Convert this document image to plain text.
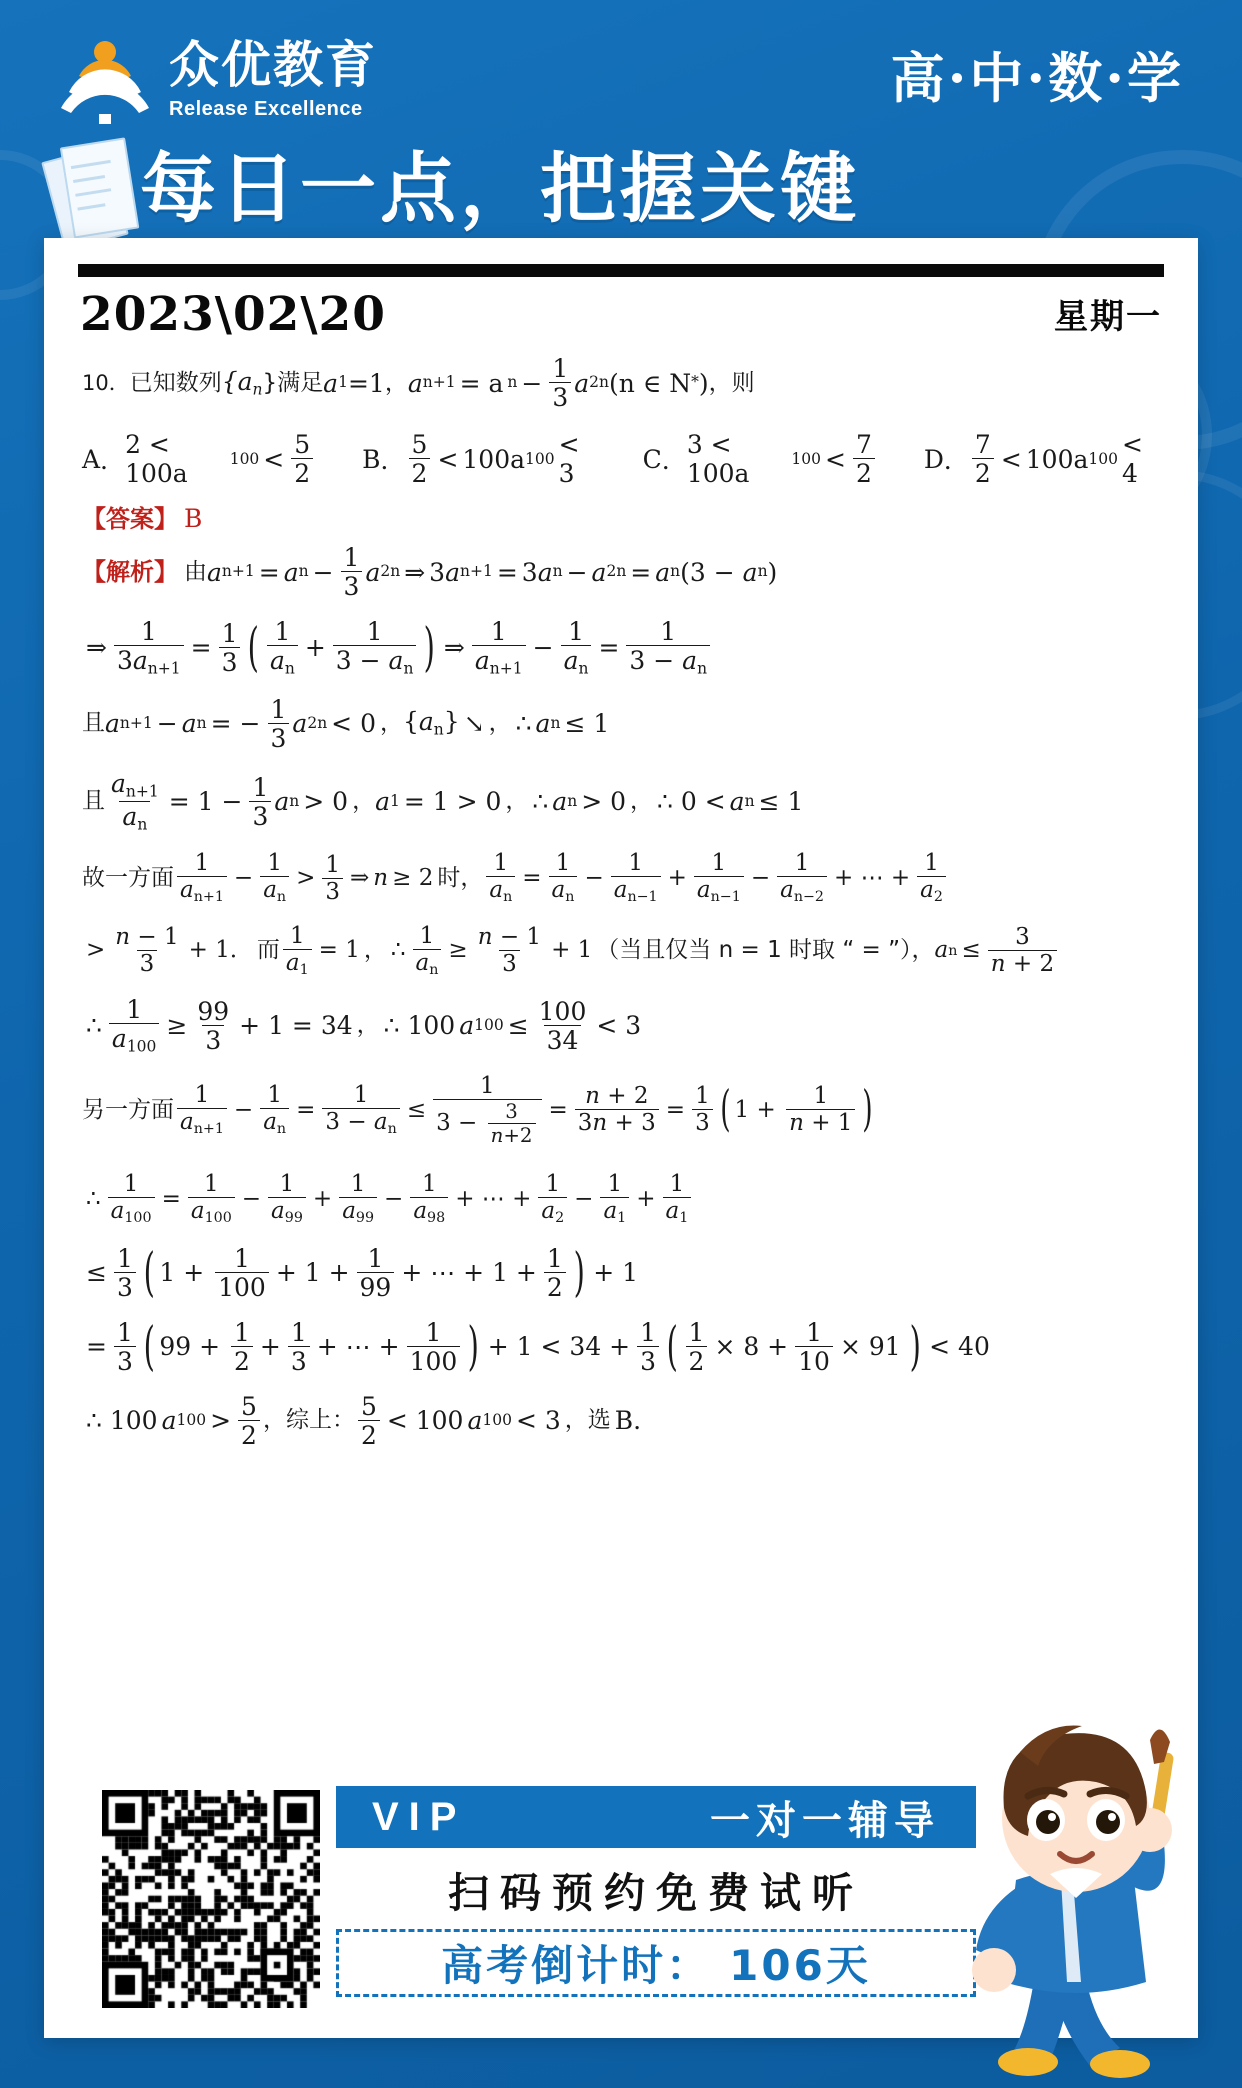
众优教育
Release Excellence	高·中·数·学
每日一点，把握关键
2023\02\20	星期一
10 ． 已知数列 {$a_n$ }满足 a 1 =1 ， a n+1 = a $n - \frac{1}{3}$ a 2 n (n ∈ N * ) ，则
A ．
2 < 100a	$100 < \frac{5}{2}$ B ． $\frac{5}{2} < 100a$ 100 < 3	C ．
3 < 100a	$100 < \frac{7}{2}$ D ． $\frac{7}{2} < 100a$ 100 < 4
【答案】 B
【解析】 由 a n+1 = a $n - \frac{1}{3}$ a 2 n ⇒ 3 a n+1 = 3 a n − a 2 n = a n (3 −
a n )
⇒ $\frac{1}{3a_{n+1}} = \frac{1}{3}$ ( $\frac{1}{a_n} + \frac{1}{3 - a_n}$ ) ⇒ $\frac{1}{a_{n+1}} - \frac{1}{a_n} = \frac{1}{3 - a_n}$
且 a n+1 − a n = − $\frac{1}{3}$ a 2 n < 0 ， $\{a_n\}$ ↘ ， ∴ a n ≤ 1
且 $\frac{a_{n+1}}{a_n} = 1 - \frac{1}{3}$ a n > 0 ， a 1 = 1 > 0 ， ∴ a n > 0 ， ∴ 0 < a n ≤ 1
故一方面 $\frac{1}{a_{n+1}} - \frac{1}{a_n} > \frac{1}{3}$ ⇒ n ≥ 2 时， $\frac{1}{a_n} = \frac{1}{a_n} - \frac{1}{a_{n-1}} + \frac{1}{a_{n-1}} - \frac{1}{a_{n-2}}$ + ⋯ + $\frac{1}{a_2}$
> $\frac{n - 1}{3} + 1$． 而 $\frac{1}{a_1} = 1$ ， ∴ $\frac{1}{a_n} \ge \frac{n - 1}{3} + 1$ （当且仅当 n = 1 时取 “ = ”）， a $n \le \frac{3}{n + 2}$
∴ $\frac{1}{a_{100}} \ge \frac{99}{3} + 1 = 34$ ， ∴ 100 a $100 \le \frac{100}{34} < 3$
另一方面 $\frac{1}{a_{n+1}} - \frac{1}{a_n} = \frac{1}{3 - a_n} \le \frac{1}{3 - \frac{3}{n+2}} = \frac{n + 2}{3n + 3} = \frac{1}{3}$ ( 1 +
$\frac{1}{n + 1}$ )
∴ $\frac{1}{a_{100}} = \frac{1}{a_{100}} - \frac{1}{a_{99}} + \frac{1}{a_{99}} - \frac{1}{a_{98}}$ + ⋯ + $\frac{1}{a_2} - \frac{1}{a_1} + \frac{1}{a_1}$
≤ $\frac{1}{3}$ ( 1 +
$\frac{1}{100} + 1 + \frac{1}{99}$ + ⋯ + $1 + \frac{1}{2}$ ) + 1
= $\frac{1}{3}$ ( 99 +
$\frac{1}{2} + \frac{1}{3}$ + ⋯ + $\frac{1}{100}$ ) + $1 < 34 + \frac{1}{3}$ ( $\frac{1}{2} \times 8 + \frac{1}{10} \times 91$ ) < 40
∴ 100 a $100 > \frac{5}{2}$ ，综上： $\frac{5}{2} < 100$ a 100 < 3 ，选 B.
VIP	一对一辅导
扫码预约免费试听
高考倒计时： 106天
